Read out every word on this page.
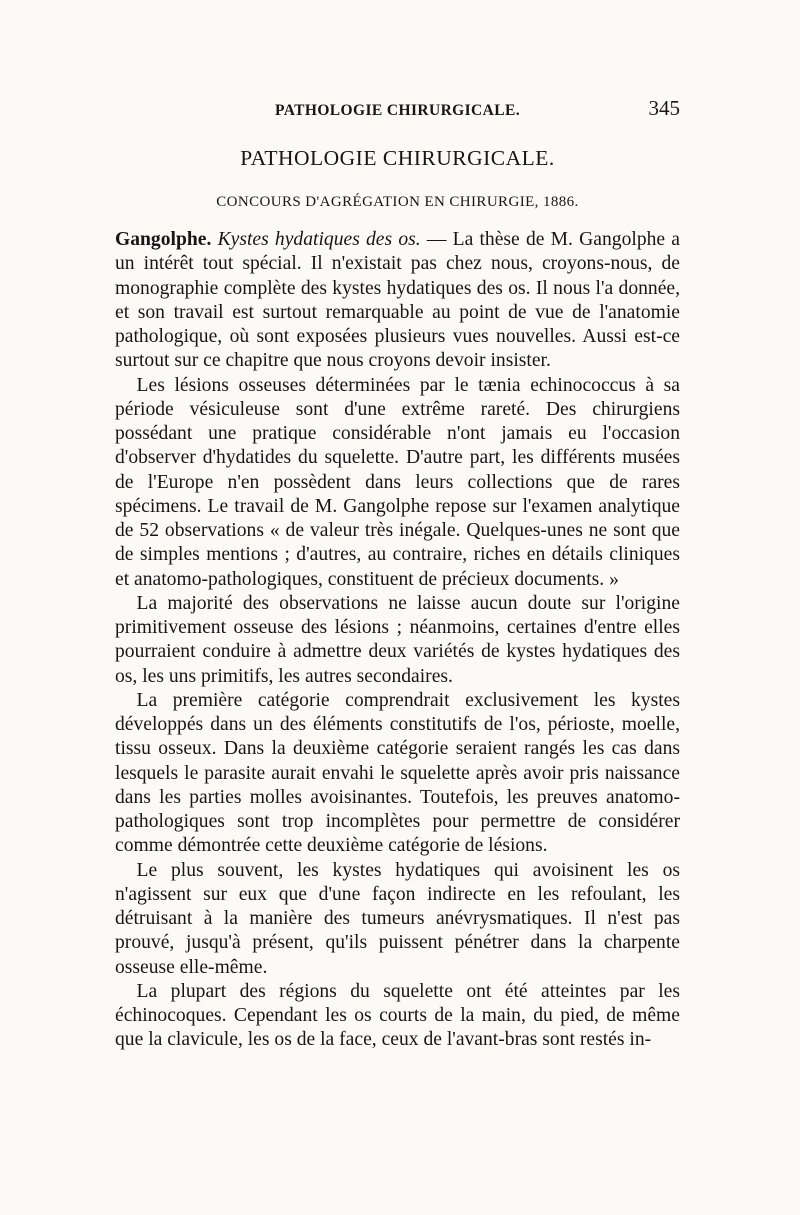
PATHOLOGIE CHIRURGICALE.	345
PATHOLOGIE CHIRURGICALE.
CONCOURS D'AGRÉGATION EN CHIRURGIE, 1886.

Gangolphe. Kystes hydatiques des os. — La thèse de M. Gangolphe a un intérêt tout spécial. Il n'existait pas chez nous, croyons-nous, de monographie complète des kystes hydatiques des os. Il nous l'a donnée, et son travail est surtout remarquable au point de vue de l'anatomie pathologique, où sont exposées plusieurs vues nouvelles. Aussi est-ce surtout sur ce chapitre que nous croyons devoir insister.

Les lésions osseuses déterminées par le tænia echinococcus à sa période vésiculeuse sont d'une extrême rareté. Des chirurgiens possédant une pratique considérable n'ont jamais eu l'occasion d'observer d'hydatides du squelette. D'autre part, les différents musées de l'Europe n'en possèdent dans leurs collections que de rares spécimens. Le travail de M. Gangolphe repose sur l'examen analytique de 52 observations « de valeur très inégale. Quelques-unes ne sont que de simples mentions ; d'autres, au contraire, riches en détails cliniques et anatomo-pathologiques, constituent de précieux documents. »

La majorité des observations ne laisse aucun doute sur l'origine primitivement osseuse des lésions ; néanmoins, certaines d'entre elles pourraient conduire à admettre deux variétés de kystes hydatiques des os, les uns primitifs, les autres secondaires.

La première catégorie comprendrait exclusivement les kystes développés dans un des éléments constitutifs de l'os, périoste, moelle, tissu osseux. Dans la deuxième catégorie seraient rangés les cas dans lesquels le parasite aurait envahi le squelette après avoir pris naissance dans les parties molles avoisinantes. Toutefois, les preuves anatomo-pathologiques sont trop incomplètes pour permettre de considérer comme démontrée cette deuxième catégorie de lésions.

Le plus souvent, les kystes hydatiques qui avoisinent les os n'agissent sur eux que d'une façon indirecte en les refoulant, les détruisant à la manière des tumeurs anévrysmatiques. Il n'est pas prouvé, jusqu'à présent, qu'ils puissent pénétrer dans la charpente osseuse elle-même.

La plupart des régions du squelette ont été atteintes par les échinocoques. Cependant les os courts de la main, du pied, de même que la clavicule, les os de la face, ceux de l'avant-bras sont restés in-
